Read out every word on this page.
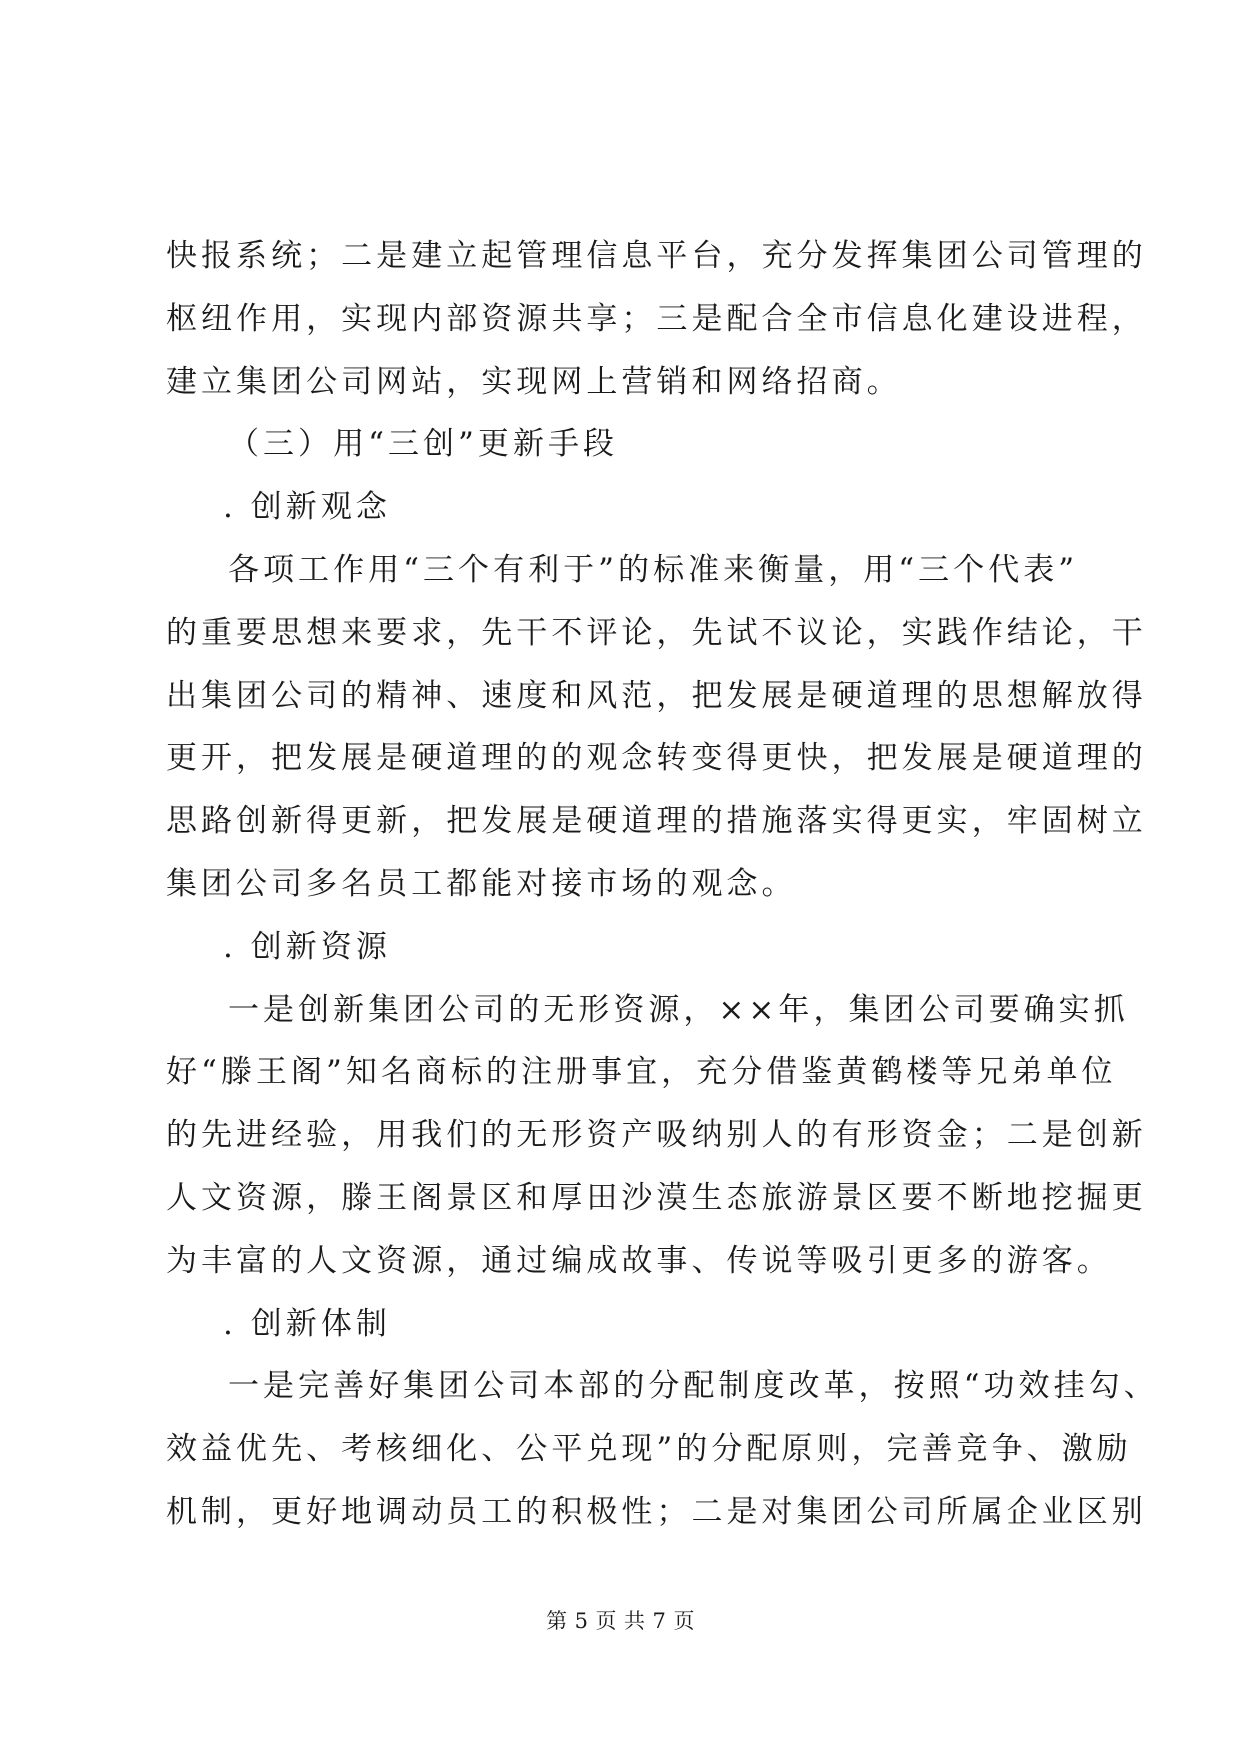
快报系统；二是建立起管理信息平台，充分发挥集团公司管理的
枢纽作用，实现内部资源共享；三是配合全市信息化建设进程，
建立集团公司网站，实现网上营销和网络招商。
（三）用“三创”更新手段
. 创新观念
各项工作用“三个有利于”的标准来衡量，用“三个代表”
的重要思想来要求，先干不评论，先试不议论，实践作结论，干
出集团公司的精神、速度和风范，把发展是硬道理的思想解放得
更开，把发展是硬道理的的观念转变得更快，把发展是硬道理的
思路创新得更新，把发展是硬道理的措施落实得更实，牢固树立
集团公司多名员工都能对接市场的观念。
. 创新资源
一是创新集团公司的无形资源，××年，集团公司要确实抓
好“滕王阁”知名商标的注册事宜，充分借鉴黄鹤楼等兄弟单位
的先进经验，用我们的无形资产吸纳别人的有形资金；二是创新
人文资源，滕王阁景区和厚田沙漠生态旅游景区要不断地挖掘更
为丰富的人文资源，通过编成故事、传说等吸引更多的游客。
. 创新体制
一是完善好集团公司本部的分配制度改革，按照“功效挂勾、
效益优先、考核细化、公平兑现”的分配原则，完善竞争、激励
机制，更好地调动员工的积极性；二是对集团公司所属企业区别
第 5 页 共 7 页
